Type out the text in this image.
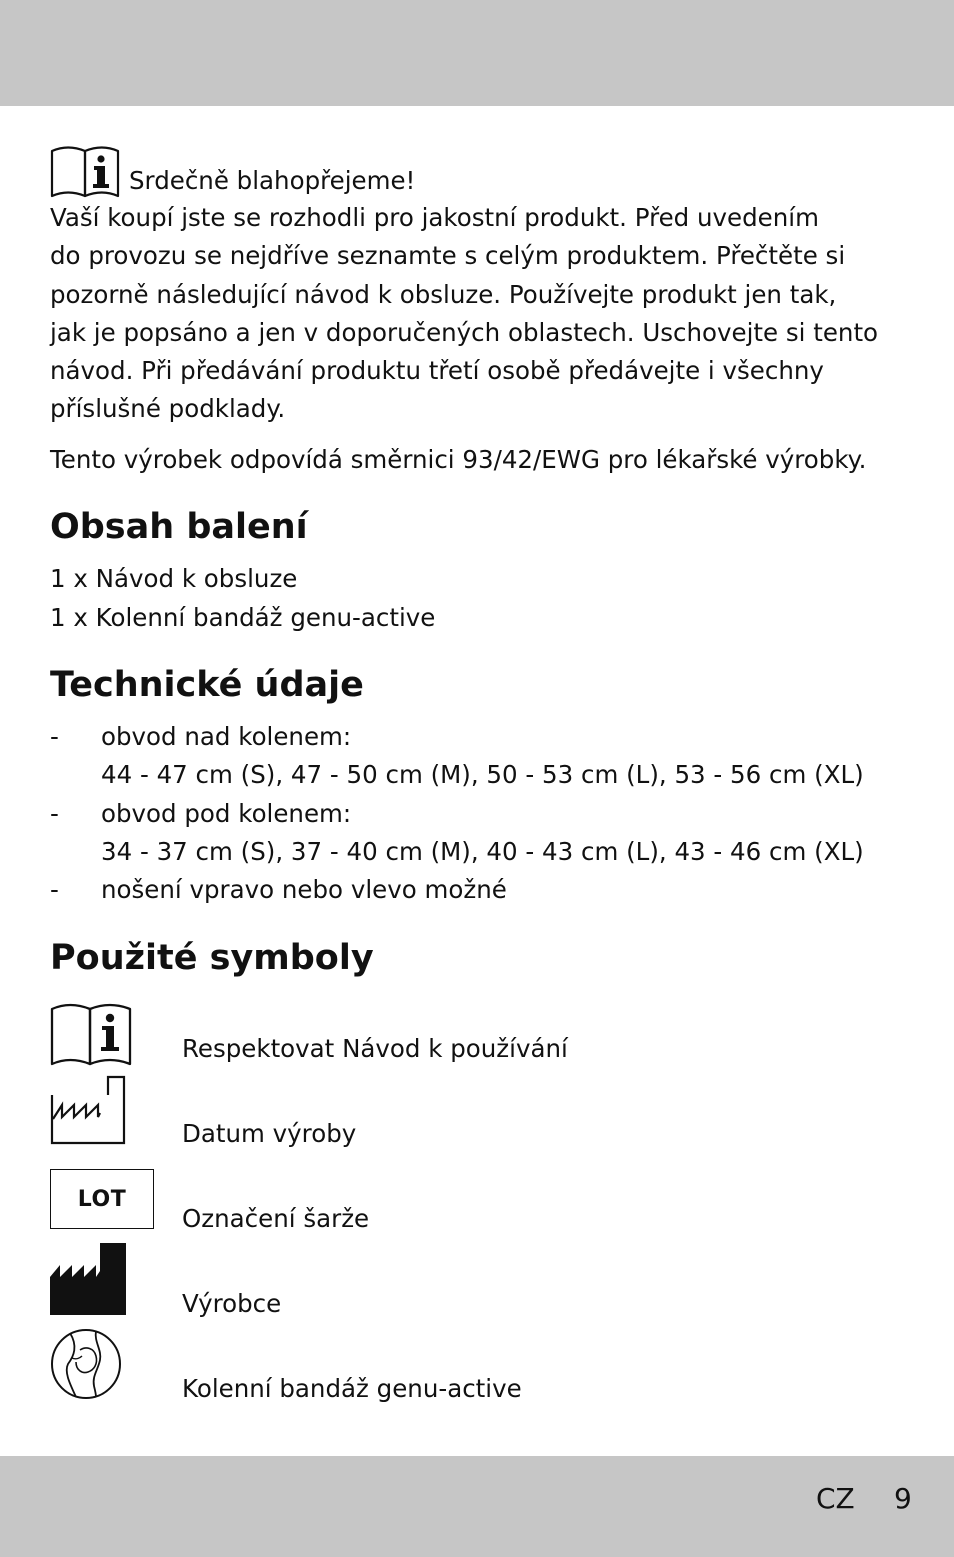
Srdečně blahopřejeme!
Vaší koupí jste se rozhodli pro jakostní produkt. Před uvedením
do provozu se nejdříve seznamte s celým produktem. Přečtěte si
pozorně následující návod k obsluze. Používejte produkt jen tak,
jak je popsáno a jen v doporučených oblastech. Uschovejte si tento
návod. Při předávání produktu třetí osobě předávejte i všechny
příslušné podklady.
Tento výrobek odpovídá směrnici 93/42/EWG pro lékařské výrobky.
Obsah balení
1 x Návod k obsluze
1 x Kolenní bandáž genu-active
Technické údaje
- obvod nad kolenem:
44 - 47 cm (S), 47 - 50 cm (M), 50 - 53 cm (L), 53 - 56 cm (XL)
- obvod pod kolenem:
34 - 37 cm (S), 37 - 40 cm (M), 40 - 43 cm (L), 43 - 46 cm (XL)
- nošení vpravo nebo vlevo možné
Použité symboly
Respektovat Návod k používání
Datum výroby
LOT
Označení šarže
Výrobce
Kolenní bandáž genu-active
CZ 9
